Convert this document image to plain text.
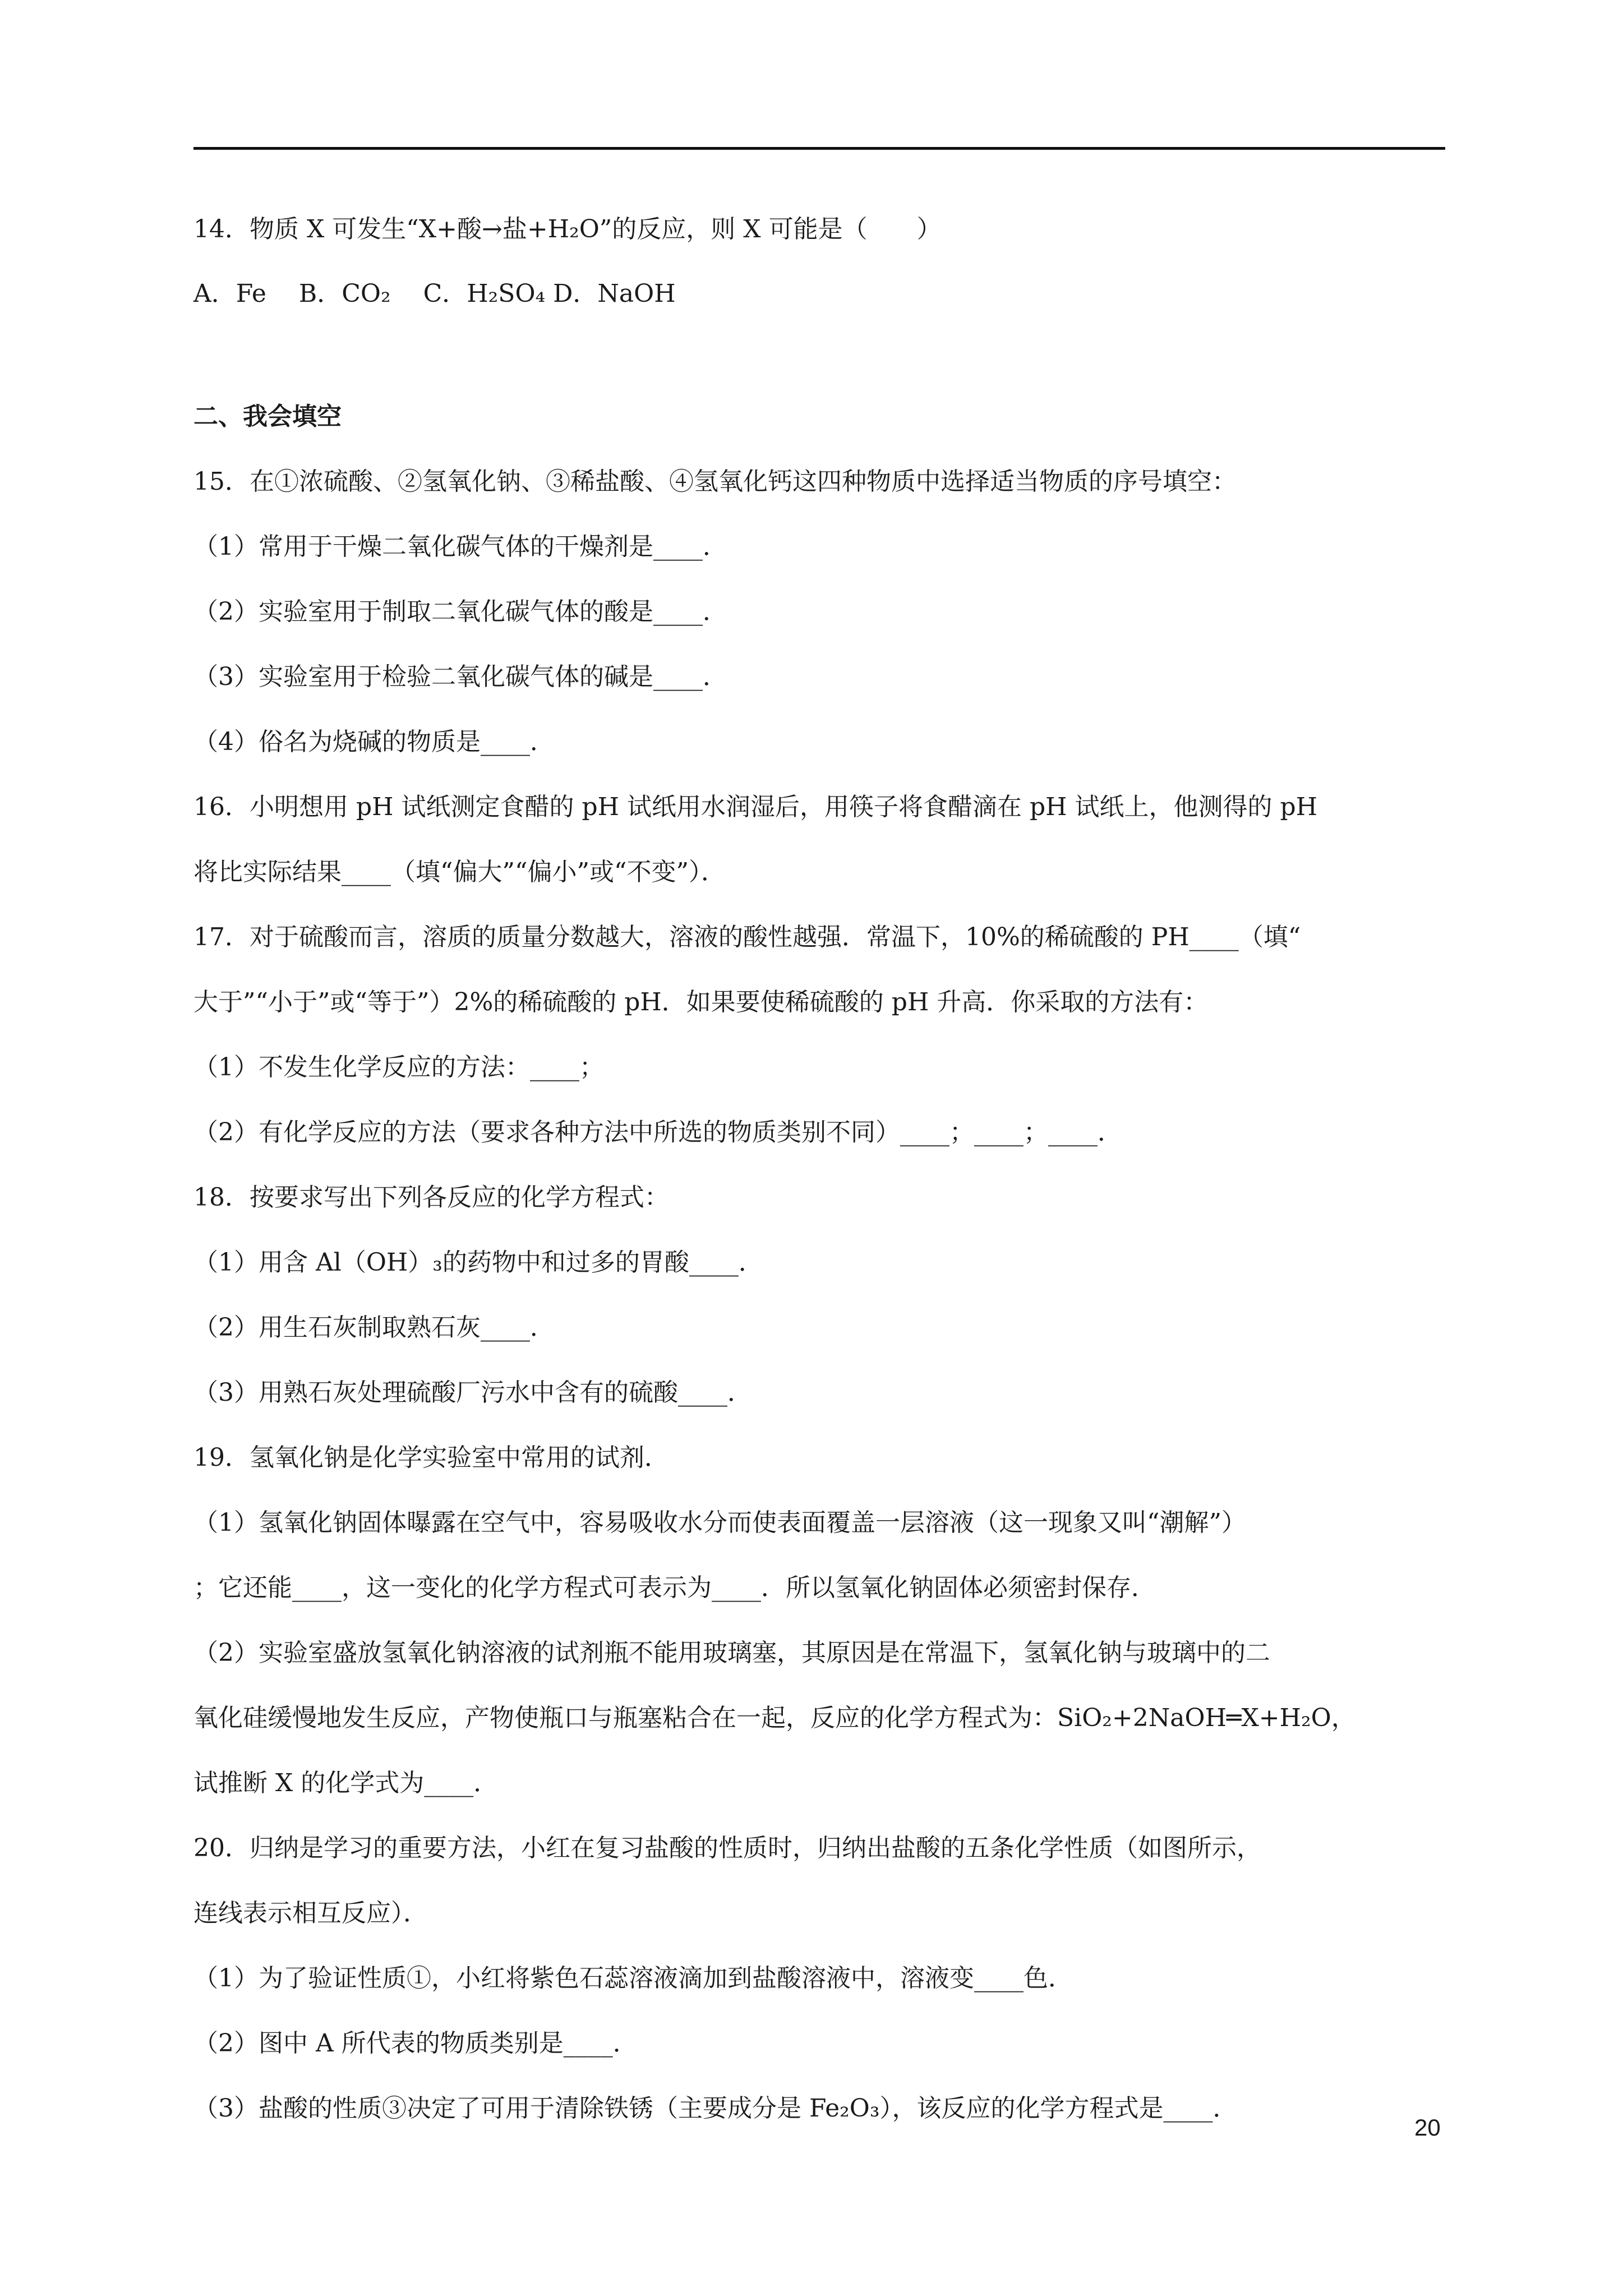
14．物质 X 可发生“X+酸→盐+H₂O”的反应，则 X 可能是（　　）
A．Fe　 B．CO₂　 C．H₂SO₄ D．NaOH
二、我会填空
15．在①浓硫酸、②氢氧化钠、③稀盐酸、④氢氧化钙这四种物质中选择适当物质的序号填空：
（1）常用于干燥二氧化碳气体的干燥剂是____．
（2）实验室用于制取二氧化碳气体的酸是____．
（3）实验室用于检验二氧化碳气体的碱是____．
（4）俗名为烧碱的物质是____．
16．小明想用 pH 试纸测定食醋的 pH 试纸用水润湿后，用筷子将食醋滴在 pH 试纸上，他测得的 pH
将比实际结果____（填“偏大”“偏小”或“不变”）．
17．对于硫酸而言，溶质的质量分数越大，溶液的酸性越强．常温下，10%的稀硫酸的 PH____（填“
大于”“小于”或“等于”）2%的稀硫酸的 pH．如果要使稀硫酸的 pH 升高．你采取的方法有：
（1）不发生化学反应的方法：____；
（2）有化学反应的方法（要求各种方法中所选的物质类别不同）____；____；____．
18．按要求写出下列各反应的化学方程式：
（1）用含 Al（OH）₃的药物中和过多的胃酸____．
（2）用生石灰制取熟石灰____．
（3）用熟石灰处理硫酸厂污水中含有的硫酸____．
19．氢氧化钠是化学实验室中常用的试剂．
（1）氢氧化钠固体曝露在空气中，容易吸收水分而使表面覆盖一层溶液（这一现象又叫“潮解”）
；它还能____，这一变化的化学方程式可表示为____．所以氢氧化钠固体必须密封保存．
（2）实验室盛放氢氧化钠溶液的试剂瓶不能用玻璃塞，其原因是在常温下，氢氧化钠与玻璃中的二
氧化硅缓慢地发生反应，产物使瓶口与瓶塞粘合在一起，反应的化学方程式为：SiO₂+2NaOH═X+H₂O，
试推断 X 的化学式为____．
20．归纳是学习的重要方法，小红在复习盐酸的性质时，归纳出盐酸的五条化学性质（如图所示，
连线表示相互反应）．
（1）为了验证性质①，小红将紫色石蕊溶液滴加到盐酸溶液中，溶液变____色．
（2）图中 A 所代表的物质类别是____．
（3）盐酸的性质③决定了可用于清除铁锈（主要成分是 Fe₂O₃），该反应的化学方程式是____．
20
